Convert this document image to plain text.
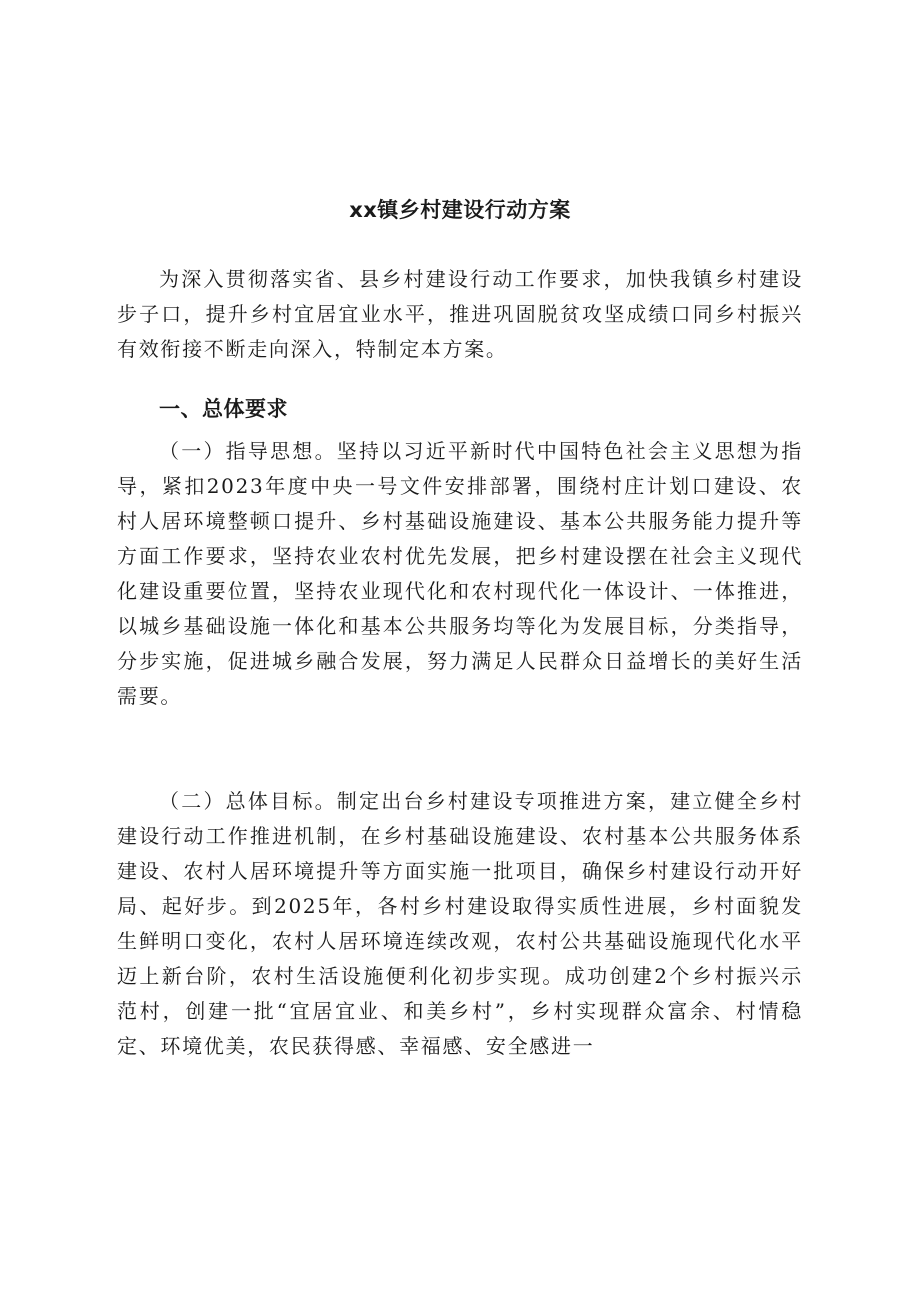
xx镇乡村建设行动方案
为深入贯彻落实省、县乡村建设行动工作要求，加快我镇乡村建设步子口，提升乡村宜居宜业水平，推进巩固脱贫攻坚成绩口同乡村振兴有效衔接不断走向深入，特制定本方案。
一、总体要求
（一）指导思想。坚持以习近平新时代中国特色社会主义思想为指导，紧扣2023年度中央一号文件安排部署，围绕村庄计划口建设、农村人居环境整顿口提升、乡村基础设施建设、基本公共服务能力提升等方面工作要求，坚持农业农村优先发展，把乡村建设摆在社会主义现代化建设重要位置，坚持农业现代化和农村现代化一体设计、一体推进，以城乡基础设施一体化和基本公共服务均等化为发展目标，分类指导，分步实施，促进城乡融合发展，努力满足人民群众日益增长的美好生活需要。
（二）总体目标。制定出台乡村建设专项推进方案，建立健全乡村建设行动工作推进机制，在乡村基础设施建设、农村基本公共服务体系建设、农村人居环境提升等方面实施一批项目，确保乡村建设行动开好局、起好步。到2025年，各村乡村建设取得实质性进展，乡村面貌发生鲜明口变化，农村人居环境连续改观，农村公共基础设施现代化水平迈上新台阶，农村生活设施便利化初步实现。成功创建2个乡村振兴示范村，创建一批“宜居宜业、和美乡村”，乡村实现群众富余、村情稳定、环境优美，农民获得感、幸福感、安全感进一
